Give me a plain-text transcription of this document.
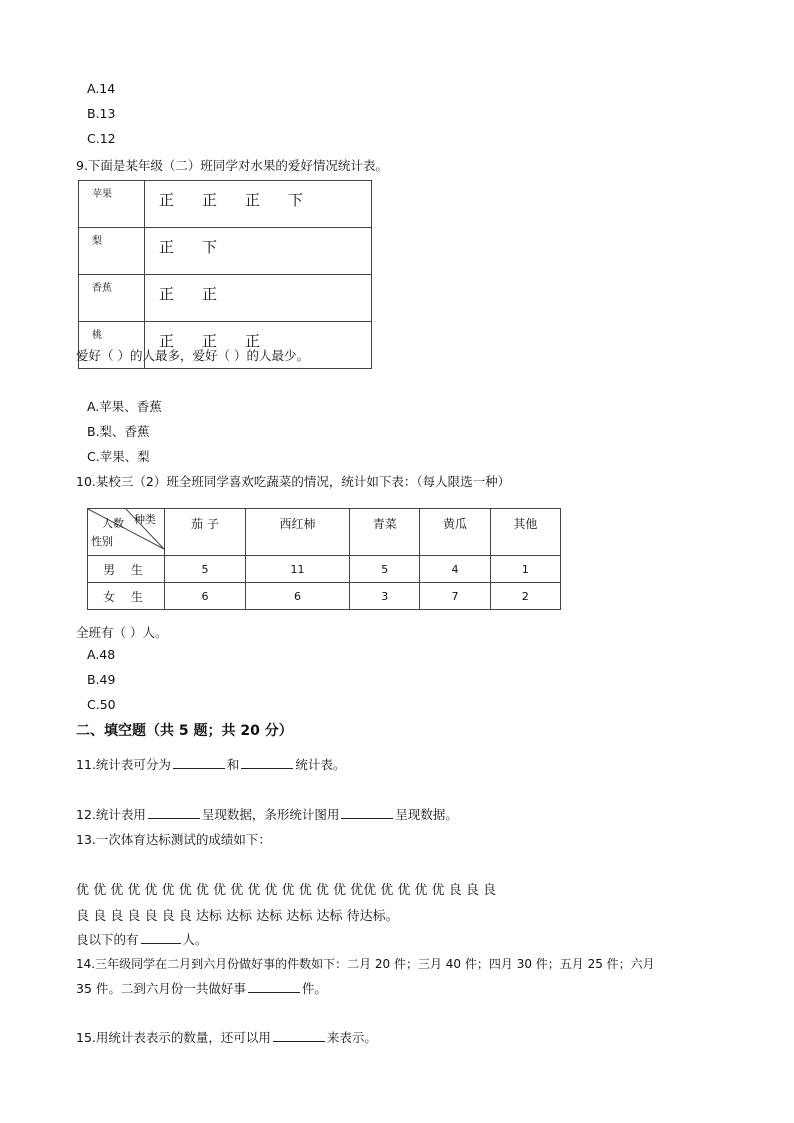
A.14
B.13
C.12
9.下面是某年级（二）班同学对水果的爱好情况统计表。
苹果	正 正 正 下
梨	正 下
香蕉	正 正
桃	正 正 正
爱好（ ）的人最多，爱好（ ）的人最少。
A.苹果、香蕉
B.梨、香蕉
C.苹果、梨
10.某校三（2）班全班同学喜欢吃蔬菜的情况，统计如下表：（每人限选一种）
种类
人数
性别	茄 子	西红柿	青菜	黄瓜	其他
男 生	5	11	5	4	1
女 生	6	6	3	7	2
全班有（ ）人。
A.48
B.49
C.50
二、填空题（共 5 题；共 20 分）
11.统计表可分为	和	统计表。
12.统计表用	呈现数据，条形统计图用	呈现数据。
13.一次体育达标测试的成绩如下：
优 优 优 优 优 优 优 优 优 优 优 优 优 优 优 优 优优 优 优 优 优 良 良 良
良 良 良 良 良 良 良 达标 达标 达标 达标 达标 待达标。
良以下的有	人。
14.三年级同学在二月到六月份做好事的件数如下：二月 20 件；三月 40 件；四月 30 件；五月 25 件；六月
35 件。二到六月份一共做好事	件。
15.用统计表表示的数量，还可以用	来表示。
